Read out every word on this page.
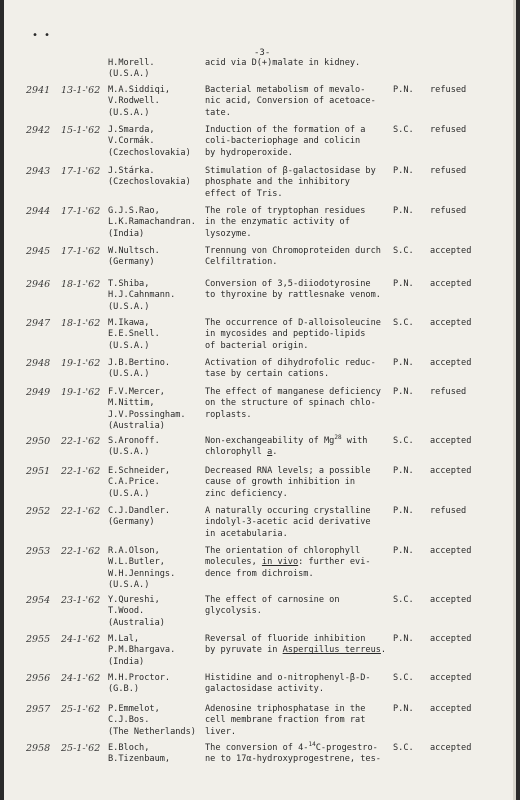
• •
-3-
H.Morell.
(U.S.A.)
acid via D(+)malate in kidney.
2941 13-1-'62 M.A.Siddiqi,
V.Rodwell.
(U.S.A.)
Bacterial metabolism of mevalo-
nic acid, Conversion of acetoace-
tate.
P.N. refused
2942 15-1-'62 J.Smarda,
V.Cormák.
(Czechoslovakia)
Induction of the formation of a
coli-bacteriophage and colicin
by hydroperoxide.
S.C. refused
2943 17-1-'62 J.Stárka.
(Czechoslovakia)
Stimulation of β-galactosidase by
phosphate and the inhibitory
effect of Tris.
P.N. refused
2944 17-1-'62 G.J.S.Rao,
L.K.Ramachandran.
(India)
The role of tryptophan residues
in the enzymatic activity of
lysozyme.
P.N. refused
2945 17-1-'62 W.Nultsch.
(Germany)
Trennung von Chromoproteiden durch
Celfiltration.
S.C. accepted
2946 18-1-'62 T.Shiba,
H.J.Cahnmann.
(U.S.A.)
Conversion of 3,5-diiodotyrosine
to thyroxine by rattlesnake venom.
P.N. accepted
2947 18-1-'62 M.Ikawa,
E.E.Snell.
(U.S.A.)
The occurrence of D-alloisoleucine
in mycosides and peptido-lipids
of bacterial origin.
S.C. accepted
2948 19-1-'62 J.B.Bertino.
(U.S.A.)
Activation of dihydrofolic reduc-
tase by certain cations.
P.N. accepted
2949 19-1-'62 F.V.Mercer,
M.Nittim,
J.V.Possingham.
(Australia)
The effect of manganese deficiency
on the structure of spinach chlo-
roplasts.
P.N. refused
2950 22-1-'62 S.Aronoff.
(U.S.A.)
Non-exchangeability of Mg$^{28}$ with
chlorophyll a.
S.C. accepted
2951 22-1-'62 E.Schneider,
C.A.Price.
(U.S.A.)
Decreased RNA levels; a possible
cause of growth inhibition in
zinc deficiency.
P.N. accepted
2952 22-1-'62 C.J.Dandler.
(Germany)
A naturally occuring crystalline
indolyl-3-acetic acid derivative
in acetabularia.
P.N. refused
2953 22-1-'62 R.A.Olson,
W.L.Butler,
W.H.Jennings.
(U.S.A.)
The orientation of chlorophyll
molecules, in vivo: further evi-
dence from dichroism.
P.N. accepted
2954 23-1-'62 Y.Qureshi,
T.Wood.
(Australia)
The effect of carnosine on
glycolysis.
S.C. accepted
2955 24-1-'62 M.Lal,
P.M.Bhargava.
(India)
Reversal of fluoride inhibition
by pyruvate in Aspergillus terreus.
P.N. accepted
2956 24-1-'62 M.H.Proctor.
(G.B.)
Histidine and o-nitrophenyl-β-D-
galactosidase activity.
S.C. accepted
2957 25-1-'62 P.Emmelot,
C.J.Bos.
(The Netherlands)
Adenosine triphosphatase in the
cell membrane fraction from rat
liver.
P.N. accepted
2958 25-1-'62 E.Bloch,
B.Tizenbaum,
The conversion of 4-$^{14}$C-progestro-
ne to 17α-hydroxyprogestrene, tes-
S.C. accepted
